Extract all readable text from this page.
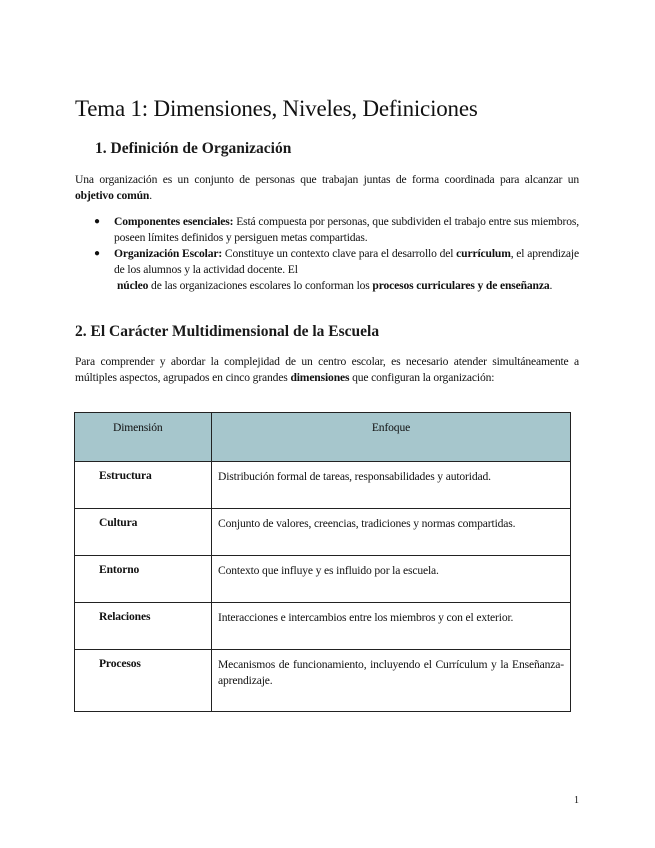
Tema 1: Dimensiones, Niveles, Definiciones
1. Definición de Organización

Una organización es un conjunto de personas que trabajan juntas de forma coordinada para alcanzar un objetivo común.

● Componentes esenciales: Está compuesta por personas, que subdividen el trabajo entre sus miembros, poseen límites definidos y persiguen metas compartidas.
● Organización Escolar: Constituye un contexto clave para el desarrollo del currículum, el aprendizaje de los alumnos y la actividad docente. El
núcleo de las organizaciones escolares lo conforman los procesos curriculares y de enseñanza.
2. El Carácter Multidimensional de la Escuela

Para comprender y abordar la complejidad de un centro escolar, es necesario atender simultáneamente a múltiples aspectos, agrupados en cinco grandes dimensiones que configuran la organización:

Dimensión	Enfoque
Estructura	Distribución formal de tareas, responsabilidades y autoridad.
Cultura	Conjunto de valores, creencias, tradiciones y normas compartidas.
Entorno	Contexto que influye y es influido por la escuela.
Relaciones	Interacciones e intercambios entre los miembros y con el exterior.
Procesos	Mecanismos de funcionamiento, incluyendo el Currículum y la Enseñanza-aprendizaje.
1
